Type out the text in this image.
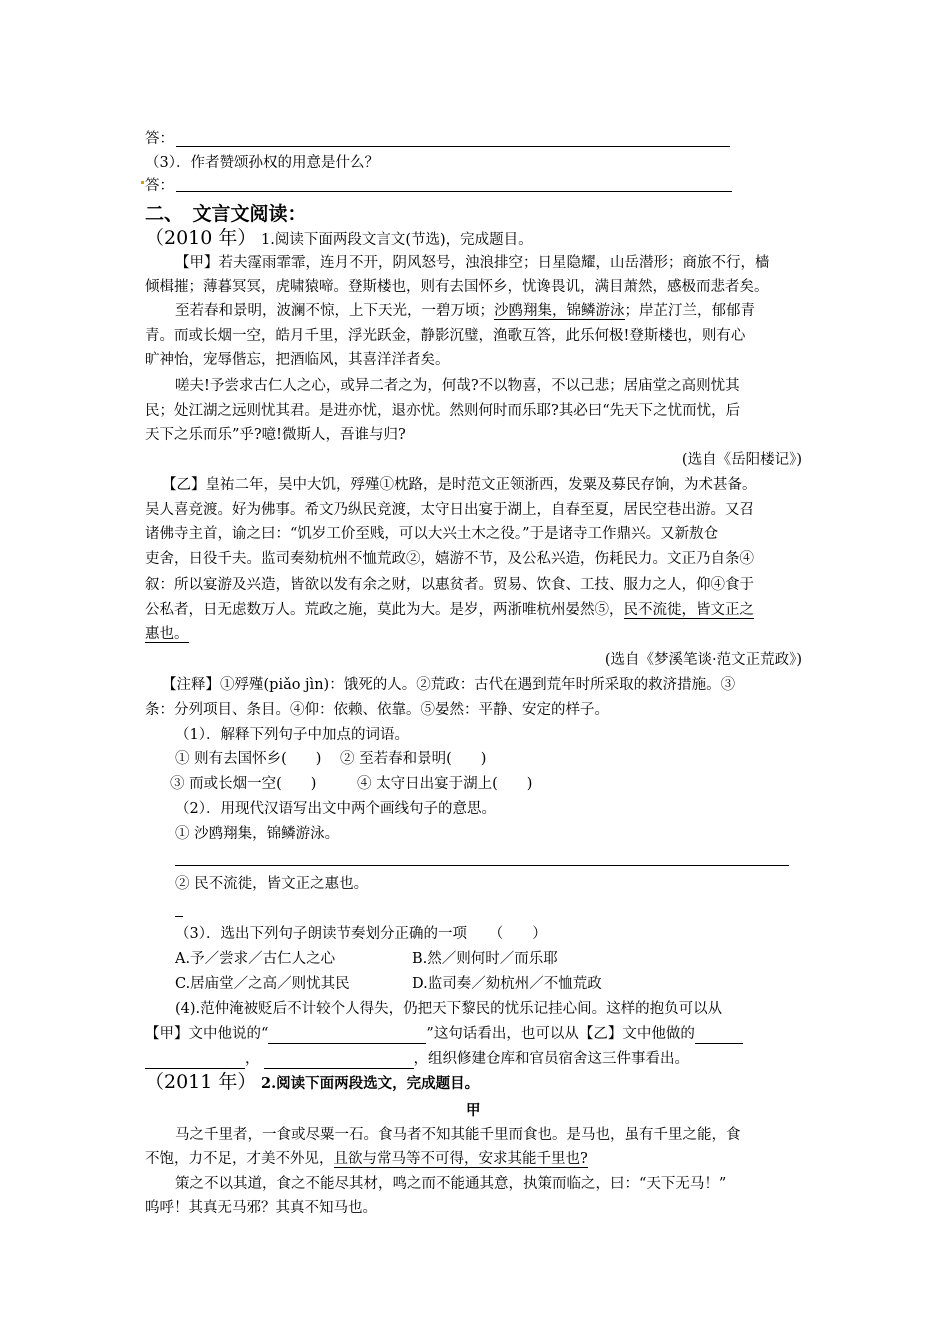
答：
（3）．作者赞颂孙权的用意是什么？
答：
二、　文言文阅读：
（2010 年） 1.阅读下面两段文言文(节选)，完成题目。
【甲】若夫霪雨霏霏，连月不开，阴风怒号，浊浪排空；日星隐耀，山岳潜形；商旅不行，樯
倾楫摧；薄暮冥冥，虎啸猿啼。登斯楼也，则有去国怀乡，忧谗畏讥，满目萧然，感极而悲者矣。
至若春和景明，波澜不惊，上下天光，一碧万顷；沙鸥翔集，锦鳞游泳；岸芷汀兰，郁郁青
青。而或长烟一空，皓月千里，浮光跃金，静影沉璧，渔歌互答，此乐何极!登斯楼也，则有心
旷神怡，宠辱偕忘，把酒临风，其喜洋洋者矣。
嗟夫!予尝求古仁人之心，或异二者之为，何哉?不以物喜，不以己悲；居庙堂之高则忧其
民；处江湖之远则忧其君。是进亦忧，退亦忧。然则何时而乐耶?其必曰“先天下之忧而忧，后
天下之乐而乐”乎?噫!微斯人，吾谁与归?
(选自《岳阳楼记》)
【乙】皇祐二年，吴中大饥，殍殣①枕路，是时范文正领浙西，发粟及募民存饷，为术甚备。
吴人喜竞渡。好为佛事。希文乃纵民竞渡，太守日出宴于湖上，自春至夏，居民空巷出游。又召
诸佛寺主首，谕之曰：“饥岁工价至贱，可以大兴土木之役。”于是诸寺工作鼎兴。又新敖仓
吏舍，日役千夫。监司奏劾杭州不恤荒政②，嬉游不节，及公私兴造，伤耗民力。文正乃自条④
叙：所以宴游及兴造，皆欲以发有余之财，以惠贫者。贸易、饮食、工技、服力之人，仰④食于
公私者，日无虑数万人。荒政之施，莫此为大。是岁，两浙唯杭州晏然⑤，民不流徙，皆文正之
惠也。
(选自《梦溪笔谈·范文正荒政》)
【注释】①殍殣(piǎo jìn)：饿死的人。②荒政：古代在遇到荒年时所采取的救济措施。③
条：分列项目、条目。④仰：依赖、依靠。⑤晏然：平静、安定的样子。
（1）．解释下列句子中加点的词语。
① 则有去国怀乡(　　) ② 至若春和景明(　　)
③ 而或长烟一空(　　)	④ 太守日出宴于湖上(　　)
（2）．用现代汉语写出文中两个画线句子的意思。
① 沙鸥翔集，锦鳞游泳。
② 民不流徙，皆文正之惠也。
（3）．选出下列句子朗读节奏划分正确的一项　　（　　）
A.予／尝求／古仁人之心	B.然／则何时／而乐耶
C.居庙堂／之高／则忧其民	D.监司奏／劾杭州／不恤荒政
(4).范仲淹被贬后不计较个人得失，仍把天下黎民的忧乐记挂心间。这样的抱负可以从
【甲】文中他说的“	”这句话看出，也可以从【乙】文中他做的
，	，组织修建仓库和官员宿舍这三件事看出。
（2011 年） 2.阅读下面两段选文，完成题目。
甲
马之千里者，一食或尽粟一石。食马者不知其能千里而食也。是马也，虽有千里之能，食
不饱，力不足，才美不外见，且欲与常马等不可得，安求其能千里也?
策之不以其道，食之不能尽其材，鸣之而不能通其意，执策而临之，曰：“天下无马！”
呜呼！其真无马邪？其真不知马也。
